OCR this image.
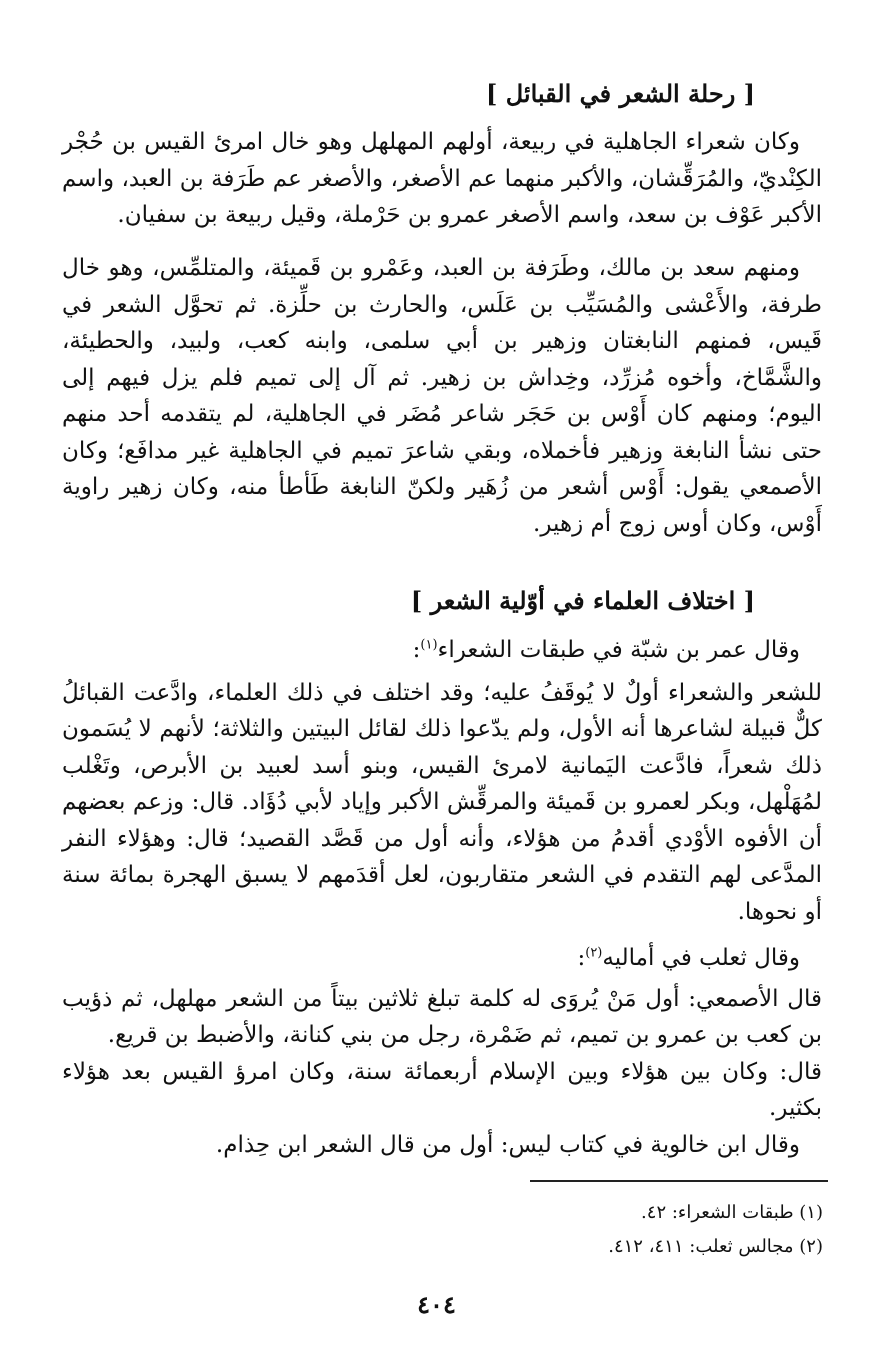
[ رحلة الشعر في القبائل ]

وكان شعراء الجاهلية في ربيعة، أولهم المهلهل وهو خال امرئ القيس بن حُجْر الكِنْديّ، والمُرَقِّشان، والأكبر منهما عم الأصغر، والأصغر عم طَرَفة بن العبد، واسم الأكبر عَوْف بن سعد، واسم الأصغر عمرو بن حَرْملة، وقيل ربيعة بن سفيان.

ومنهم سعد بن مالك، وطَرَفة بن العبد، وعَمْرو بن قَميئة، والمتلمِّس، وهو خال طرفة، والأَعْشى والمُسَيِّب بن عَلَس، والحارث بن حلِّزة. ثم تحوَّل الشعر في قَيس، فمنهم النابغتان وزهير بن أبي سلمى، وابنه كعب، ولبيد، والحطيئة، والشَّمَّاخ، وأخوه مُزرِّد، وخِداش بن زهير. ثم آل إلى تميم فلم يزل فيهم إلى اليوم؛ ومنهم كان أَوْس بن حَجَر شاعر مُضَر في الجاهلية، لم يتقدمه أحد منهم حتى نشأ النابغة وزهير فأخملاه، وبقي شاعرَ تميم في الجاهلية غير مدافَع؛ وكان الأصمعي يقول: أَوْس أشعر من زُهَير ولكنّ النابغة طَأطأ منه، وكان زهير راوية أَوْس، وكان أوس زوج أم زهير.

[ اختلاف العلماء في أوّلية الشعر ]

وقال عمر بن شبّة في طبقات الشعراء$^{(١)}$:

للشعر والشعراء أولٌ لا يُوقَفُ عليه؛ وقد اختلف في ذلك العلماء، وادَّعت القبائلُ كلٌّ قبيلة لشاعرها أنه الأول، ولم يدّعوا ذلك لقائل البيتين والثلاثة؛ لأنهم لا يُسَمون ذلك شعراً، فادَّعت اليَمانية لامرئ القيس، وبنو أسد لعبيد بن الأبرص، وتَغْلب لمُهَلْهل، وبكر لعمرو بن قَميئة والمرقِّش الأكبر وإياد لأبي دُؤَاد. قال: وزعم بعضهم أن الأفوه الأوْدي أقدمُ من هؤلاء، وأنه أول من قَصَّد القصيد؛ قال: وهؤلاء النفر المدَّعى لهم التقدم في الشعر متقاربون، لعل أقدَمهم لا يسبق الهجرة بمائة سنة أو نحوها.

وقال ثعلب في أماليه$^{(٢)}$:

قال الأصمعي: أول مَنْ يُروَى له كلمة تبلغ ثلاثين بيتاً من الشعر مهلهل، ثم ذؤيب بن كعب بن عمرو بن تميم، ثم ضَمْرة، رجل من بني كنانة، والأضبط بن قريع.

قال: وكان بين هؤلاء وبين الإسلام أربعمائة سنة، وكان امرؤ القيس بعد هؤلاء بكثير.

وقال ابن خالوية في كتاب ليس: أول من قال الشعر ابن حِذام.

(١) طبقات الشعراء: ٤٢.

(٢) مجالس ثعلب: ٤١١، ٤١٢.

٤٠٤
